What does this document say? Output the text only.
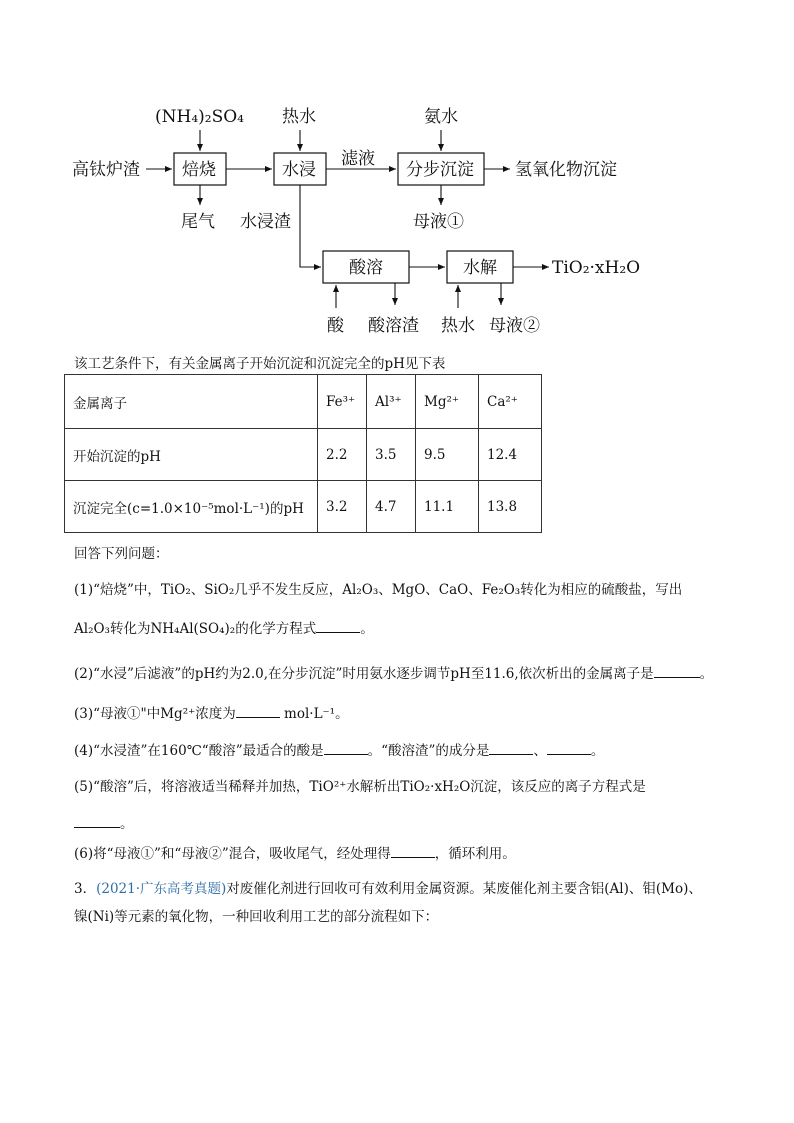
高钛炉渣 焙烧
(NH₄)₂SO₄
尾气
水浸
热水
滤液
分步沉淀
氨水
氢氧化物沉淀
母液①
水浸渣
酸溶
酸 酸溶渣
水解
热水 母液②
TiO₂·xH₂O
该工艺条件下，有关金属离子开始沉淀和沉淀完全的pH见下表
金属离子	Fe³⁺	Al³⁺	Mg²⁺	Ca²⁺
开始沉淀的pH	2.2	3.5	9.5	12.4
沉淀完全(c=1.0×10⁻⁵mol·L⁻¹)的pH	3.2	4.7	11.1	13.8
回答下列问题：
(1)“焙烧”中，TiO₂、SiO₂几乎不发生反应，Al₂O₃、MgO、CaO、Fe₂O₃转化为相应的硫酸盐，写出
Al₂O₃转化为NH₄Al(SO₄)₂的化学方程式	。
(2)“水浸”后滤液”的pH约为2.0,在分步沉淀”时用氨水逐步调节pH至11.6,依次析出的金属离子是	。
(3)“母液①"中Mg²⁺浓度为	mol·L⁻¹。
(4)“水浸渣”在160℃“酸溶”最适合的酸是	。“酸溶渣”的成分是	、	。
(5)“酸溶”后，将溶液适当稀释并加热，TiO²⁺水解析出TiO₂·xH₂O沉淀，该反应的离子方程式是
。
(6)将“母液①”和“母液②”混合，吸收尾气，经处理得	，循环利用。
3．(2021·广东高考真题)对废催化剂进行回收可有效利用金属资源。某废催化剂主要含铝(Al)、钼(Mo)、
镍(Ni)等元素的氧化物，一种回收利用工艺的部分流程如下：
